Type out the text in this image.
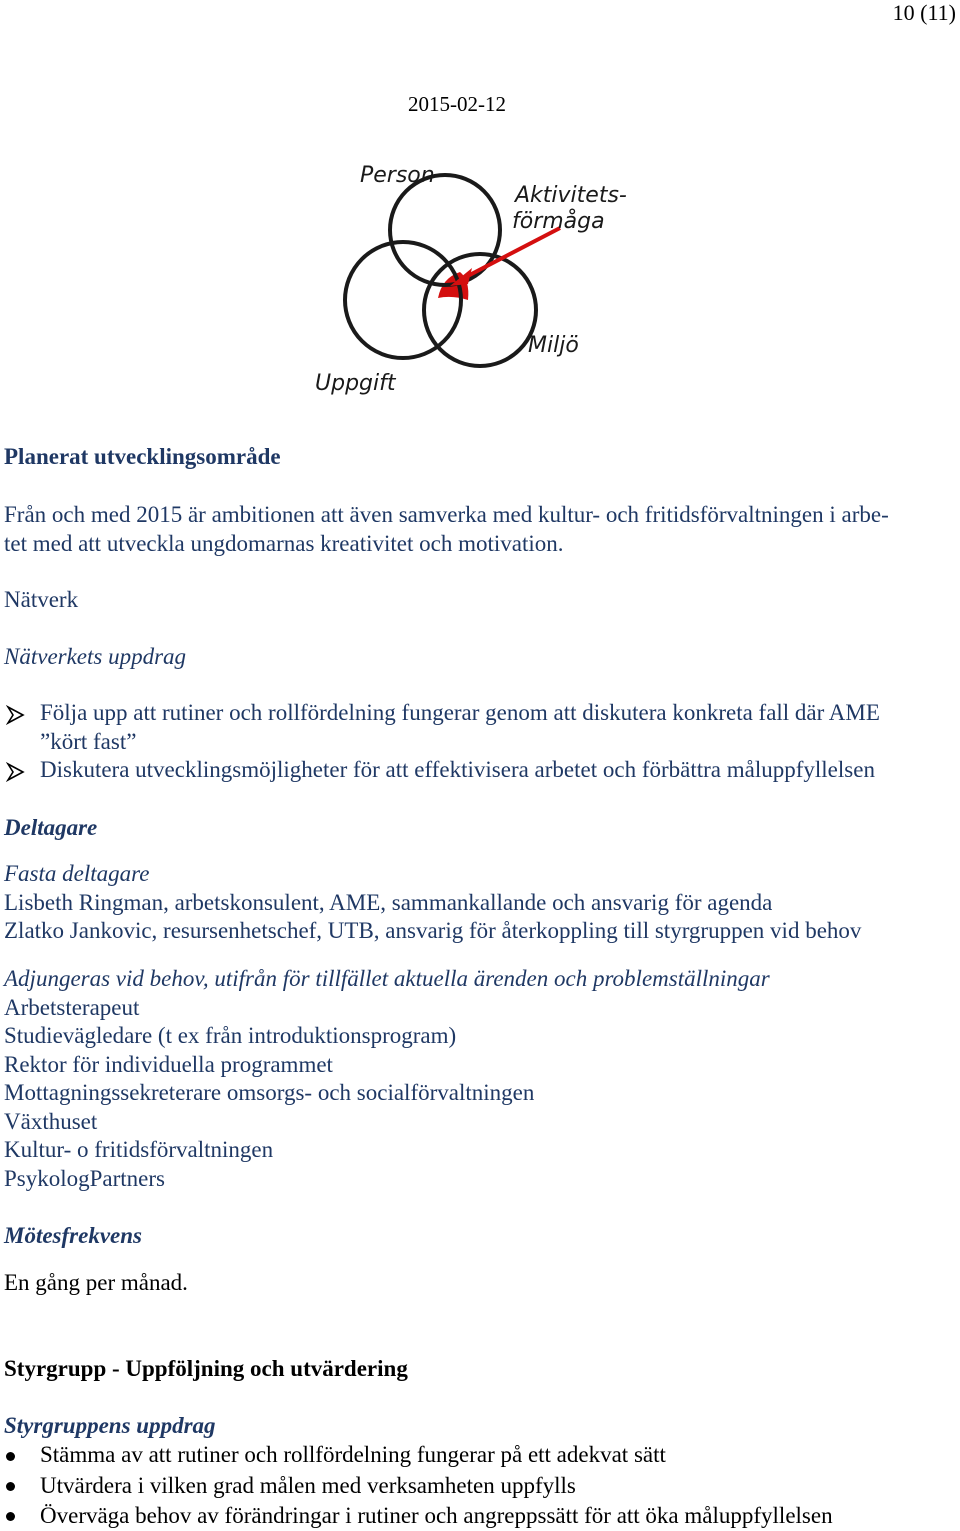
10 (11)
2015-02-12
Person
Aktivitets-
förmåga
Miljö
Uppgift
Planerat utvecklingsområde
Från och med 2015 är ambitionen att även samverka med kultur- och fritidsförvaltningen i arbe-
tet med att utveckla ungdomarnas kreativitet och motivation.
Nätverk
Nätverkets uppdrag
Följa upp att rutiner och rollfördelning fungerar genom att diskutera konkreta fall där AME
”kört fast”
Diskutera utvecklingsmöjligheter för att effektivisera arbetet och förbättra måluppfyllelsen
Deltagare
Fasta deltagare
Lisbeth Ringman, arbetskonsulent, AME, sammankallande och ansvarig för agenda
Zlatko Jankovic, resursenhetschef, UTB, ansvarig för återkoppling till styrgruppen vid behov
Adjungeras vid behov, utifrån för tillfället aktuella ärenden och problemställningar
Arbetsterapeut
Studievägledare (t ex från introduktionsprogram)
Rektor för individuella programmet
Mottagningssekreterare omsorgs- och socialförvaltningen
Växthuset
Kultur- o fritidsförvaltningen
PsykologPartners
Mötesfrekvens
En gång per månad.
Styrgrupp - Uppföljning och utvärdering
Styrgruppens uppdrag
Stämma av att rutiner och rollfördelning fungerar på ett adekvat sätt
Utvärdera i vilken grad målen med verksamheten uppfylls
Överväga behov av förändringar i rutiner och angreppssätt för att öka måluppfyllelsen
